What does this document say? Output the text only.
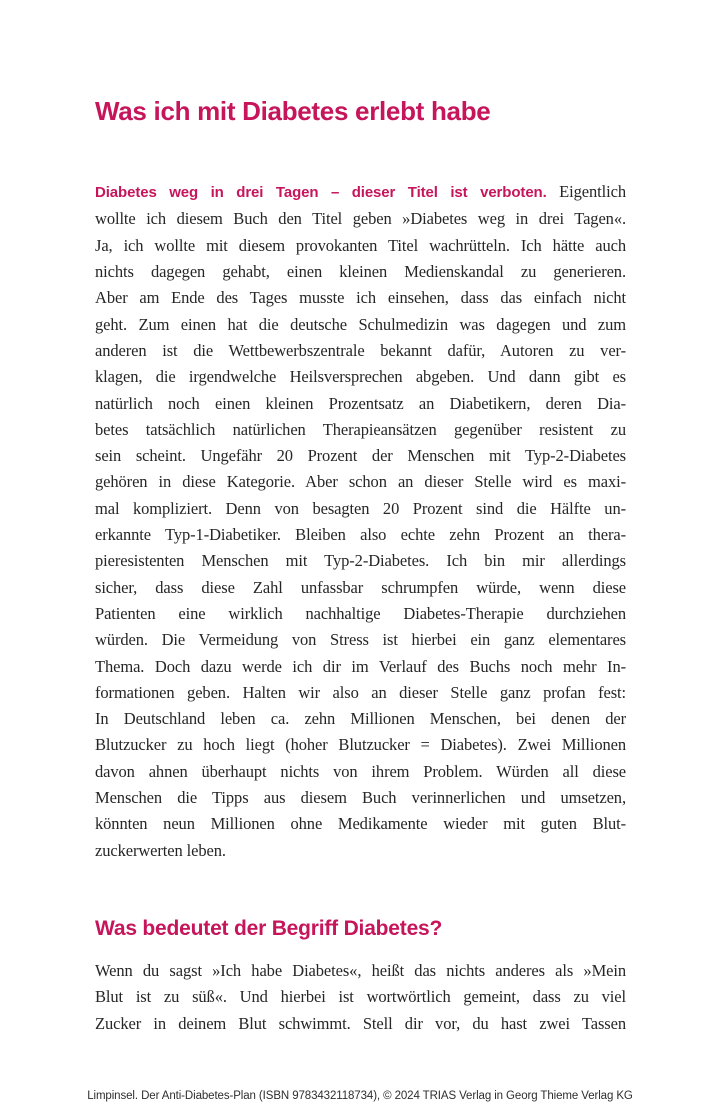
Was ich mit Diabetes erlebt habe
Diabetes weg in drei Tagen – dieser Titel ist verboten. Eigentlich
wollte ich diesem Buch den Titel geben »Diabetes weg in drei Tagen«.
Ja, ich wollte mit diesem provokanten Titel wachrütteln. Ich hätte auch
nichts dagegen gehabt, einen kleinen Medienskandal zu generieren.
Aber am Ende des Tages musste ich einsehen, dass das einfach nicht
geht. Zum einen hat die deutsche Schulmedizin was dagegen und zum
anderen ist die Wettbewerbszentrale bekannt dafür, Autoren zu ver-
klagen, die irgendwelche Heilsversprechen abgeben. Und dann gibt es
natürlich noch einen kleinen Prozentsatz an Diabetikern, deren Dia-
betes tatsächlich natürlichen Therapieansätzen gegenüber resistent zu
sein scheint. Ungefähr 20 Prozent der Menschen mit Typ-2-Diabetes
gehören in diese Kategorie. Aber schon an dieser Stelle wird es maxi-
mal kompliziert. Denn von besagten 20 Prozent sind die Hälfte un-
erkannte Typ-1-Diabetiker. Bleiben also echte zehn Prozent an thera-
pieresistenten Menschen mit Typ-2-Diabetes. Ich bin mir allerdings
sicher, dass diese Zahl unfassbar schrumpfen würde, wenn diese
Patienten eine wirklich nachhaltige Diabetes-Therapie durchziehen
würden. Die Vermeidung von Stress ist hierbei ein ganz elementares
Thema. Doch dazu werde ich dir im Verlauf des Buchs noch mehr In-
formationen geben. Halten wir also an dieser Stelle ganz profan fest:
In Deutschland leben ca. zehn Millionen Menschen, bei denen der
Blutzucker zu hoch liegt (hoher Blutzucker = Diabetes). Zwei Millionen
davon ahnen überhaupt nichts von ihrem Problem. Würden all diese
Menschen die Tipps aus diesem Buch verinnerlichen und umsetzen,
könnten neun Millionen ohne Medikamente wieder mit guten Blut-
zuckerwerten leben.
Was bedeutet der Begriff Diabetes?
Wenn du sagst »Ich habe Diabetes«, heißt das nichts anderes als »Mein
Blut ist zu süß«. Und hierbei ist wortwörtlich gemeint, dass zu viel
Zucker in deinem Blut schwimmt. Stell dir vor, du hast zwei Tassen
Limpinsel. Der Anti-Diabetes-Plan (ISBN 9783432118734), © 2024 TRIAS Verlag in Georg Thieme Verlag KG
